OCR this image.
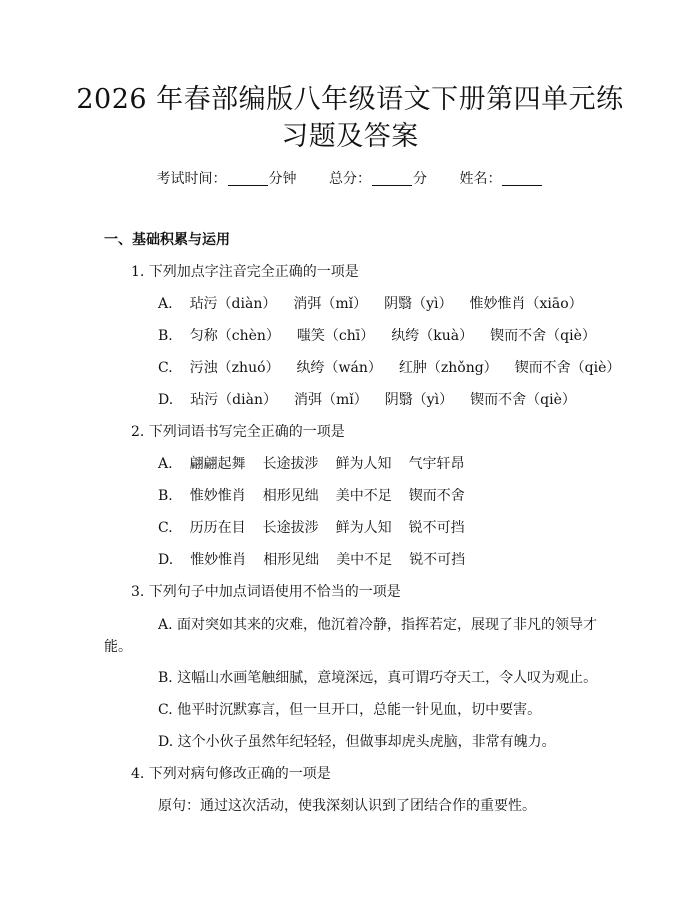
2026 年春部编版八年级语文下册第四单元练
习题及答案
考试时间：	分钟 总分：	分 姓名：
一、基础积累与运用
1. 下列加点字注音完全正确的一项是
A. 玷污（diàn） 消弭（mǐ） 阴翳（yì） 惟妙惟肖（xiāo）
B. 匀称（chèn） 嗤笑（chī） 纨绔（kuà） 锲而不舍（qiè）
C. 污浊（zhuó） 纨绔（wán） 红肿（zhǒng） 锲而不舍（qiè）
D. 玷污（diàn） 消弭（mǐ） 阴翳（yì） 锲而不舍（qiè）
2. 下列词语书写完全正确的一项是
A. 翩翩起舞 长途拔涉 鲜为人知 气宇轩昂
B. 惟妙惟肖 相形见绌 美中不足 锲而不舍
C. 历历在目 长途拔涉 鲜为人知 锐不可挡
D. 惟妙惟肖 相形见绌 美中不足 锐不可挡
3. 下列句子中加点词语使用不恰当的一项是
A. 面对突如其来的灾难，他沉着冷静，指挥若定，展现了非凡的领导才能。
B. 这幅山水画笔触细腻，意境深远，真可谓巧夺天工，令人叹为观止。
C. 他平时沉默寡言，但一旦开口，总能一针见血，切中要害。
D. 这个小伙子虽然年纪轻轻，但做事却虎头虎脑，非常有魄力。
4. 下列对病句修改正确的一项是
原句：通过这次活动，使我深刻认识到了团结合作的重要性。
